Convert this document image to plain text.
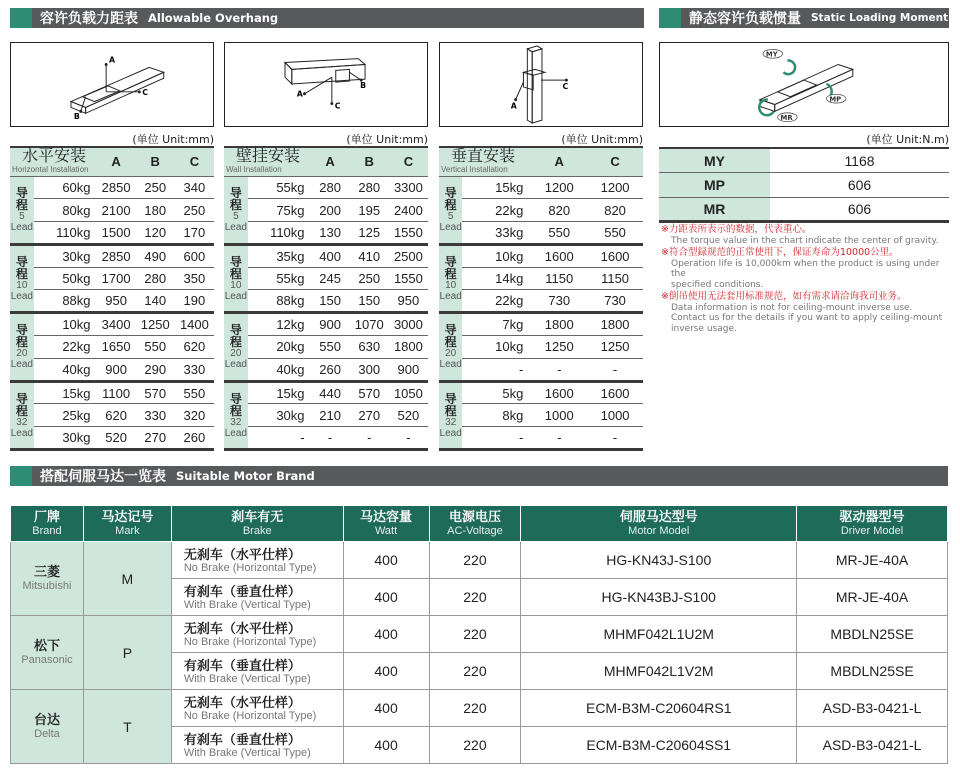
容许负载力距表 Allowable Overhang	静态容许负载惯量 Static Loading Moment
A
C
B
A
C
B
A
C
MY
MP
MR
(单位 Unit:mm)	(单位 Unit:mm)	(单位 Unit:mm)	(单位 Unit:N.m)
水平安装
Horizontal Installation		A	B	C

导程
5
Lead	60kg	2850	250	340
	80kg	2100	180	250
	110kg	1500	120	170

导程
10
Lead	30kg	2850	490	600
	50kg	1700	280	350
	88kg	950	140	190

导程
20
Lead	10kg	3400	1250	1400
	22kg	1650	550	620
	40kg	900	290	330

导程
32
Lead	15kg	1100	570	550
	25kg	620	330	320
	30kg	520	270	260
壁挂安装
Wall Installation		A	B	C

导程
5
Lead	55kg	280	280	3300
	75kg	200	195	2400
	110kg	130	125	1550

导程
10
Lead	35kg	400	410	2500
	55kg	245	250	1550
	88kg	150	150	950

导程
20
Lead	12kg	900	1070	3000
	20kg	550	630	1800
	40kg	260	300	900

导程
32
Lead	15kg	440	570	1050
	30kg	210	270	520
	-	-	-	-
垂直安装
Vertical Installation		A	C

导程
5
Lead	15kg	1200	1200
	22kg	820	820
	33kg	550	550

导程
10
Lead	10kg	1600	1600
	14kg	1150	1150
	22kg	730	730

导程
20
Lead	7kg	1800	1800
	10kg	1250	1250
	-	-	-

导程
32
Lead	5kg	1600	1600
	8kg	1000	1000
	-	-	-
MY	1168
MP	606
MR	606
※力距表所表示的数据，代表重心。
The torque value in the chart indicate the center of gravity.
※符合型録规范的正常使用下，保证寿命为10000公里。
Operation life is 10,000km when the product is using under the
specified conditions.
※倒吊使用无法套用标准规范，如有需求请洽询我司业务。
Data information is not for ceiling-mount inverse use.
Contact us for the details if you want to apply ceiling-mount
inverse usage.
搭配伺服马达一览表 Suitable Motor Brand
厂牌
Brand	马达记号
Mark	刹车有无
Brake	马达容量
Watt	电源电压
AC-Voltage	伺服马达型号
Motor Model	驱动器型号
Driver Model

三菱
Mitsubishi	M	无刹车（水平仕样）
No Brake (Horizontal Type)	400	220	HG-KN43J-S100	MR-JE-40A
		有刹车（垂直仕样）
With Brake (Vertical Type)	400	220	HG-KN43BJ-S100	MR-JE-40A
松下
Panasonic	P	无刹车（水平仕样）
No Brake (Horizontal Type)	400	220	MHMF042L1U2M	MBDLN25SE
		有刹车（垂直仕样）
With Brake (Vertical Type)	400	220	MHMF042L1V2M	MBDLN25SE
台达
Delta	T	无刹车（水平仕样）
No Brake (Horizontal Type)	400	220	ECM-B3M-C20604RS1	ASD-B3-0421-L
		有刹车（垂直仕样）
With Brake (Vertical Type)	400	220	ECM-B3M-C20604SS1	ASD-B3-0421-L
